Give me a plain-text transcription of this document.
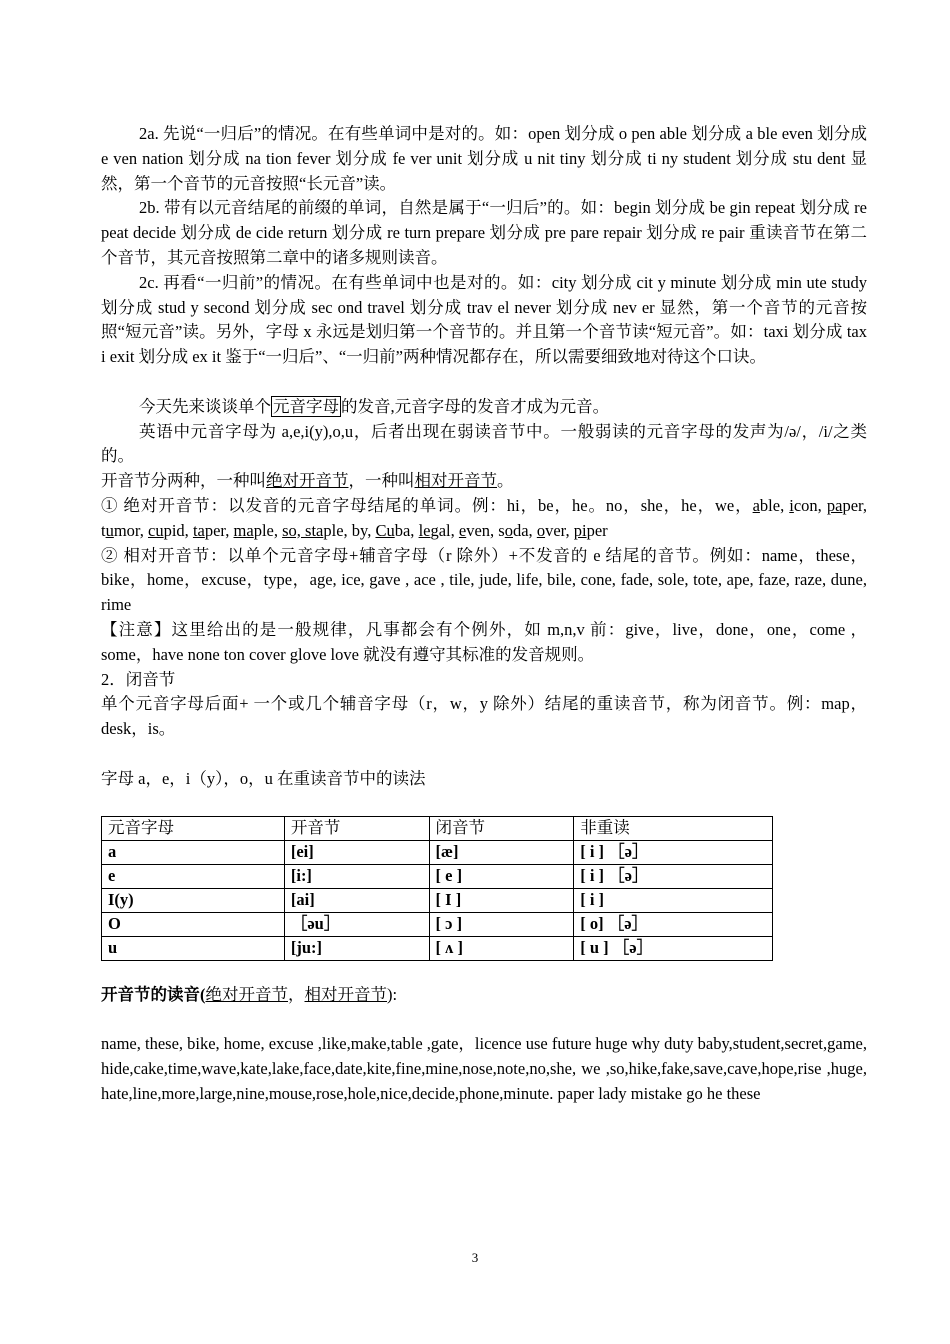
2a. 先说“一归后”的情况。在有些单词中是对的。如：open 划分成 o pen able 划分成 a ble even 划分成 e ven nation 划分成 na tion fever 划分成 fe ver unit 划分成 u nit tiny 划分成 ti ny student 划分成 stu dent 显然，第一个音节的元音按照“长元音”读。

2b. 带有以元音结尾的前缀的单词，自然是属于“一归后”的。如：begin 划分成 be gin repeat 划分成 re peat decide 划分成 de cide return 划分成 re turn prepare 划分成 pre pare repair 划分成 re pair 重读音节在第二个音节，其元音按照第二章中的诸多规则读音。

2c. 再看“一归前”的情况。在有些单词中也是对的。如：city 划分成 cit y minute 划分成 min ute study 划分成 stud y second 划分成 sec ond travel 划分成 trav el never 划分成 nev er 显然，第一个音节的元音按照“短元音”读。另外，字母 x 永远是划归第一个音节的。并且第一个音节读“短元音”。如：taxi 划分成 tax i exit 划分成 ex it 鉴于“一归后”、“一归前”两种情况都存在，所以需要细致地对待这个口诀。

今天先来谈谈单个 元音字母 的发音,元音字母的发音才成为元音。

英语中元音字母为 a,e,i(y),o,u，后者出现在弱读音节中。一般弱读的元音字母的发声为/ə/，/i/之类的。

开音节分两种，一种叫绝对开音节，一种叫相对开音节。

① 绝对开音节：以发音的元音字母结尾的单词。例：hi，be，he。no，she，he，we，able, icon, paper, tumor, cupid, taper, maple, so, staple, by, Cuba, legal, even, soda, over, piper

② 相对开音节：以单个元音字母+辅音字母（r 除外）+不发音的 e 结尾的音节。例如：name，these，bike，home，excuse，type，age, ice, gave , ace , tile, jude, life, bile, cone, fade, sole, tote, ape, faze, raze, dune, rime

【注意】这里给出的是一般规律，凡事都会有个例外，如 m,n,v 前：give，live，done，one，come ，some，have none ton cover glove love 就没有遵守其标准的发音规则。

2．闭音节

单个元音字母后面+ 一个或几个辅音字母（r，w，y 除外）结尾的重读音节，称为闭音节。例：map，desk，is。

字母 a，e，i（y），o，u 在重读音节中的读法

元音字母	开音节	闭音节	非重读
a	[ei]	[æ]	[ i ] ［ə］
e	[i:]	[ e ]	[ i ] ［ə］
I(y)	[ai]	[ I ]	[ i ]
O	［əu］	[ ɔ ]	[ o] ［ə］
u	[ju:]	[ ʌ ]	[ u ] ［ə］

开音节的读音(绝对开音节，相对开音节):

name, these, bike, home, excuse ,like,make,table ,gate，licence use future huge why duty baby,student,secret,game,hide,cake,time,wave,kate,lake,face,date,kite,fine,mine,nose,note,no,she, we ,so,hike,fake,save,cave,hope,rise ,huge,hate,line,more,large,nine,mouse,rose,hole,nice,decide,phone,minute. paper lady mistake go he these

3
